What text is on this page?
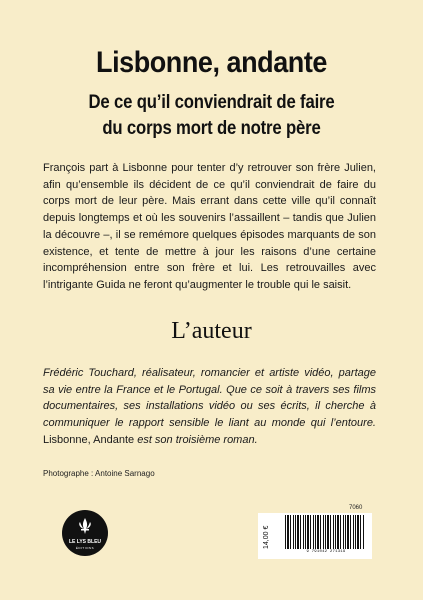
Lisbonne, andante
De ce qu’il conviendrait de faire
du corps mort de notre père
François part à Lisbonne pour tenter d’y retrouver son frère Julien, afin qu’ensemble ils décident de ce qu’il conviendrait de faire du corps mort de leur père. Mais errant dans cette ville qu’il connaît depuis longtemps et où les souvenirs l’assaillent – tandis que Julien la découvre –, il se remémore quelques épisodes marquants de son existence, et tente de mettre à jour les raisons d’une certaine incompréhension entre son frère et lui. Les retrouvailles avec l’intrigante Guida ne feront qu’augmenter le trouble qui le saisit.
L’auteur
Frédéric Touchard, réalisateur, romancier et artiste vidéo, partage sa vie entre la France et le Portugal. Que ce soit à travers ses films documentaires, ses installations vidéo ou ses écrits, il cherche à communiquer le rapport sensible le liant au monde qui l’entoure. Lisbonne, Andante est son troisième roman.
Photographe : Antoine Sarnago
7060
LE LYS BLEU
ÉDITIONS	14,00 €
9 791042 271319
